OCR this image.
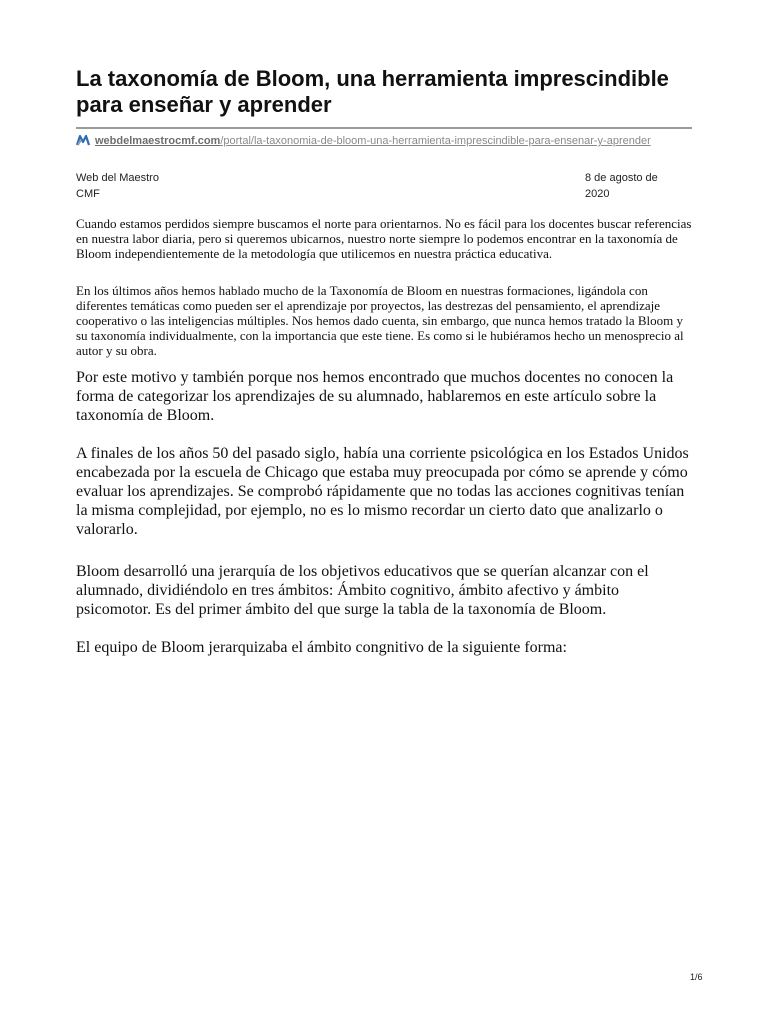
La taxonomía de Bloom, una herramienta imprescindible para enseñar y aprender
webdelmaestrocmf.com/portal/la-taxonomia-de-bloom-una-herramienta-imprescindible-para-ensenar-y-aprender
Web del Maestro
CMF
8 de agosto de
2020

Cuando estamos perdidos siempre buscamos el norte para orientarnos. No es fácil para los docentes buscar referencias en nuestra labor diaria, pero si queremos ubicarnos, nuestro norte siempre lo podemos encontrar en la taxonomía de Bloom independientemente de la metodología que utilicemos en nuestra práctica educativa.

En los últimos años hemos hablado mucho de la Taxonomía de Bloom en nuestras formaciones, ligándola con diferentes temáticas como pueden ser el aprendizaje por proyectos, las destrezas del pensamiento, el aprendizaje cooperativo o las inteligencias múltiples. Nos hemos dado cuenta, sin embargo, que nunca hemos tratado la Bloom y su taxonomía individualmente, con la importancia que este tiene. Es como si le hubiéramos hecho un menosprecio al autor y su obra.

Por este motivo y también porque nos hemos encontrado que muchos docentes no conocen la forma de categorizar los aprendizajes de su alumnado, hablaremos en este artículo sobre la taxonomía de Bloom.

A finales de los años 50 del pasado siglo, había una corriente psicológica en los Estados Unidos encabezada por la escuela de Chicago que estaba muy preocupada por cómo se aprende y cómo evaluar los aprendizajes. Se comprobó rápidamente que no todas las acciones cognitivas tenían la misma complejidad, por ejemplo, no es lo mismo recordar un cierto dato que analizarlo o valorarlo.

Bloom desarrolló una jerarquía de los objetivos educativos que se querían alcanzar con el alumnado, dividiéndolo en tres ámbitos: Ámbito cognitivo, ámbito afectivo y ámbito psicomotor. Es del primer ámbito del que surge la tabla de la taxonomía de Bloom.

El equipo de Bloom jerarquizaba el ámbito congnitivo de la siguiente forma:

1/6
